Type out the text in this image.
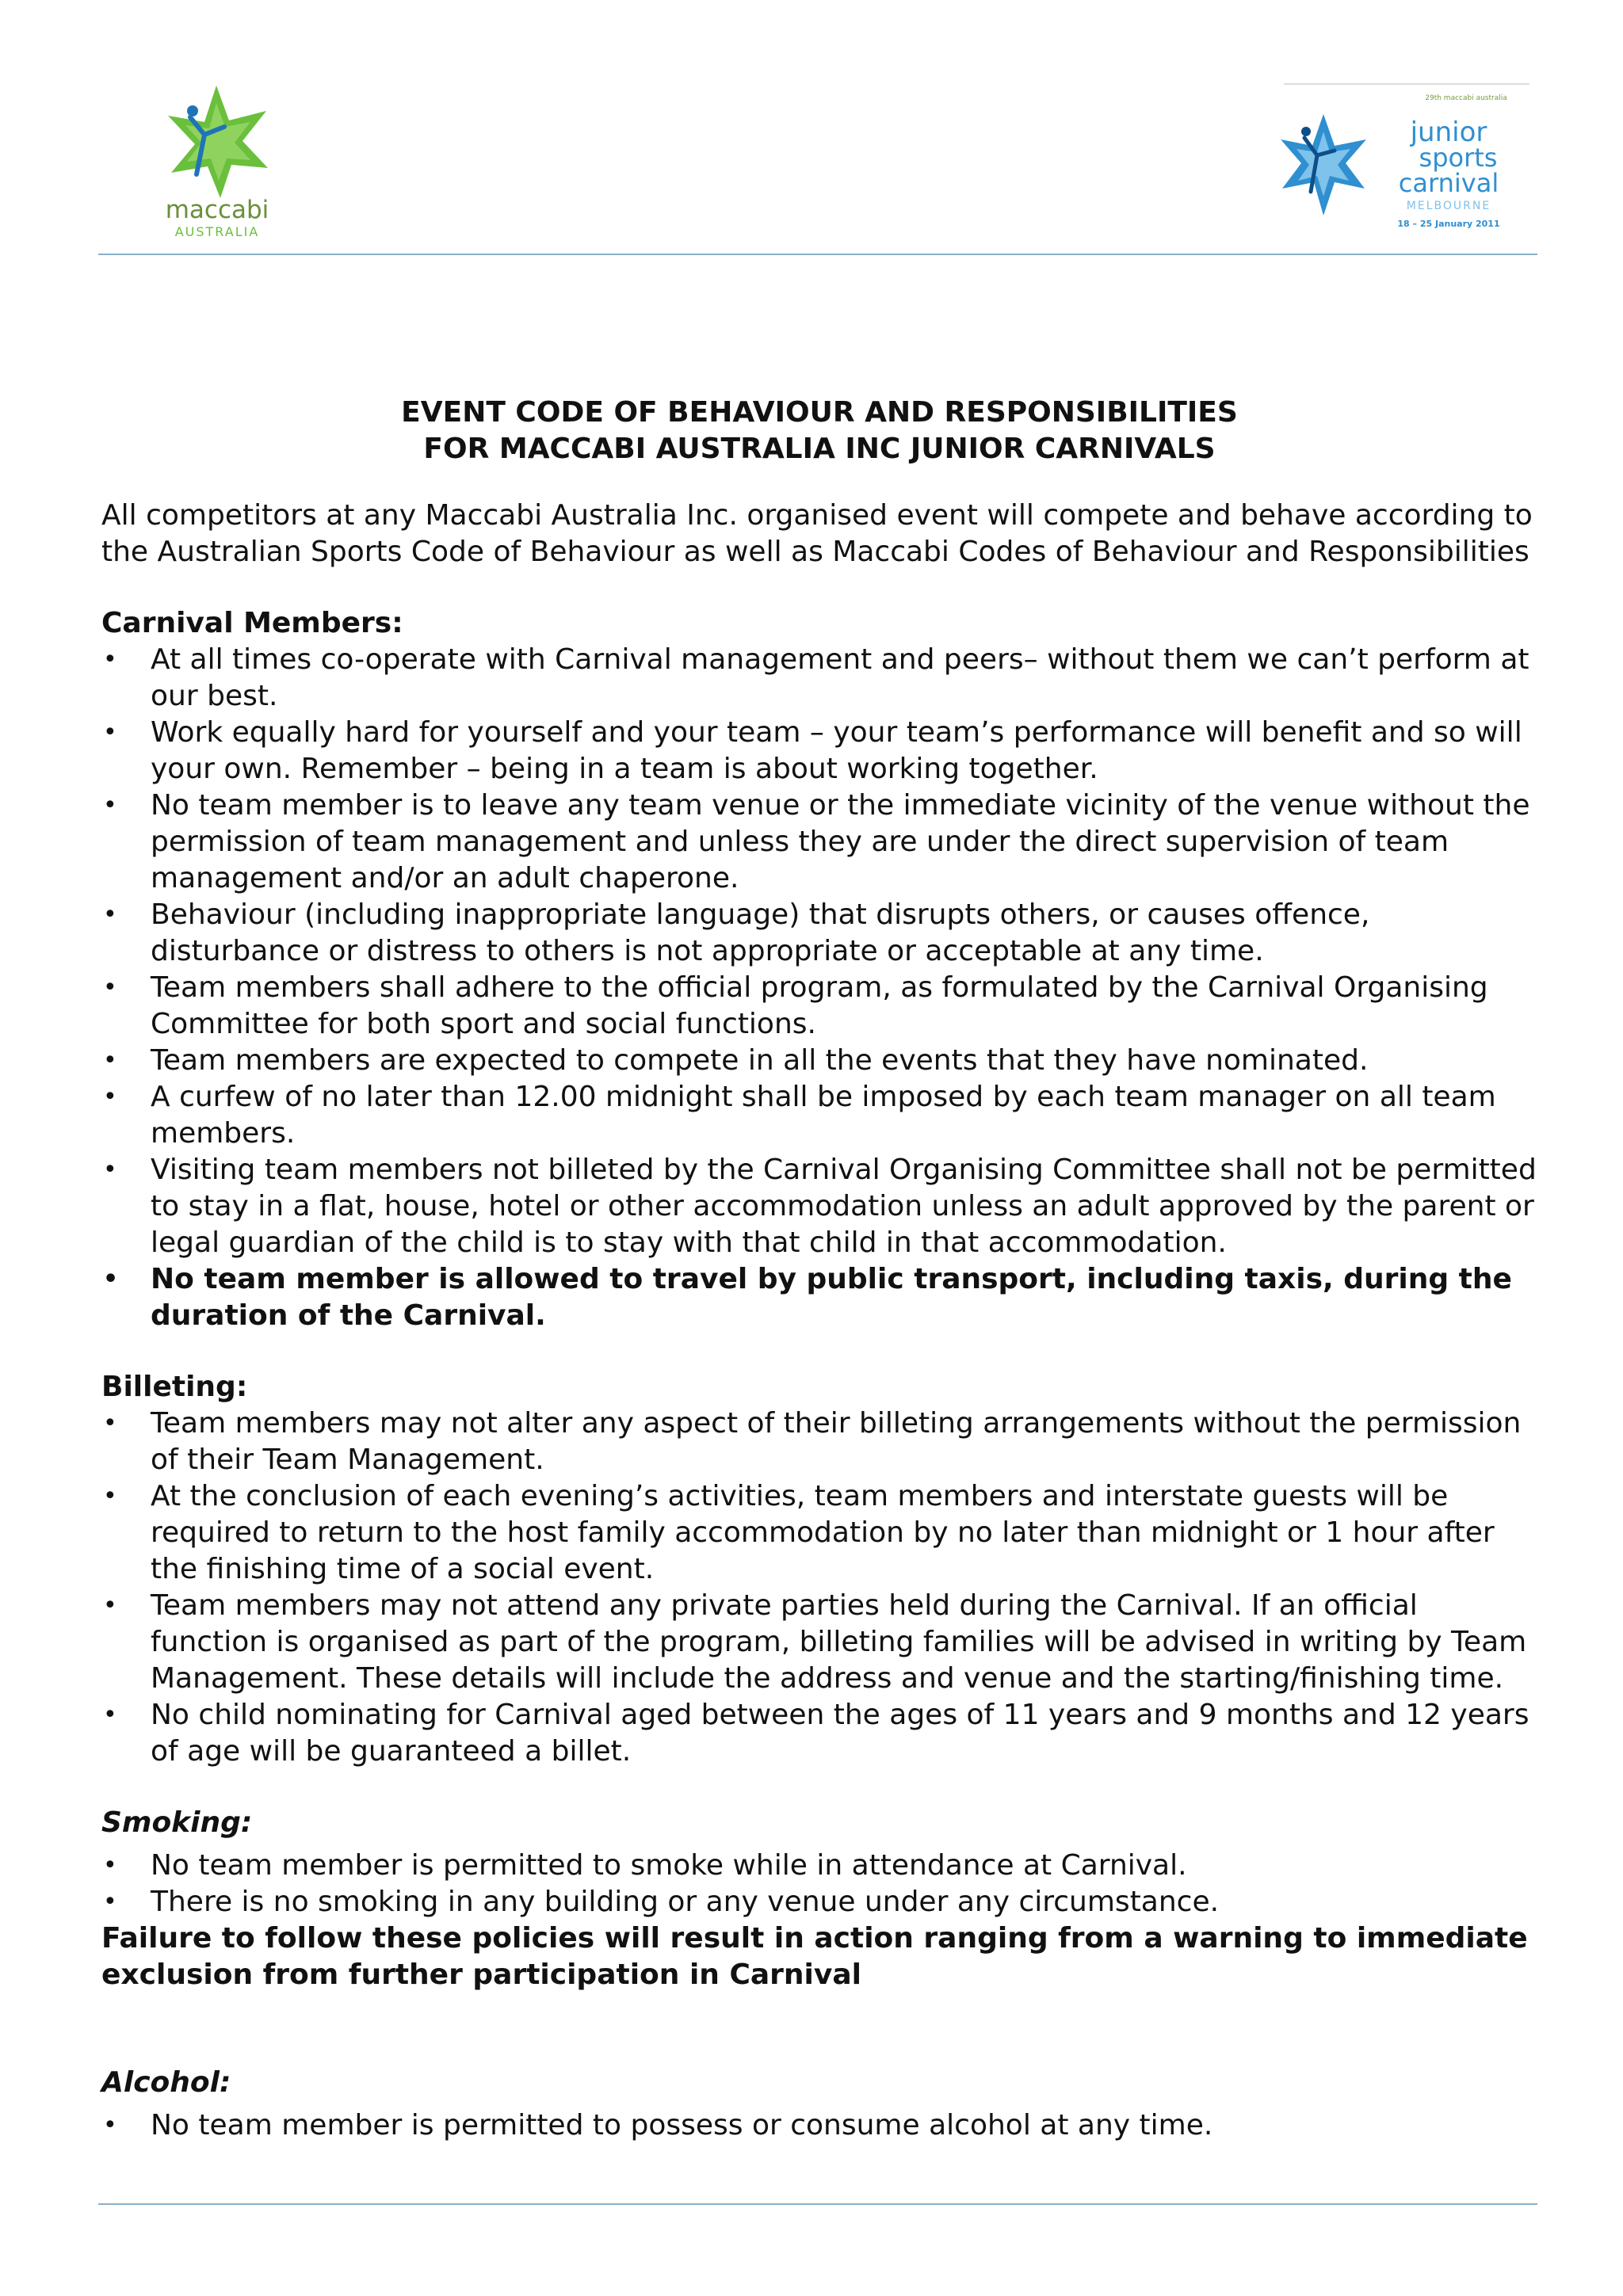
maccabi
AUSTRALIA
29th maccabi australia
junior
sports
carnival
MELBOURNE
18 – 25 January 2011

EVENT CODE OF BEHAVIOUR AND RESPONSIBILITIES
FOR MACCABI AUSTRALIA INC JUNIOR CARNIVALS

All competitors at any Maccabi Australia Inc. organised event will compete and behave according to the Australian Sports Code of Behaviour as well as Maccabi Codes of Behaviour and Responsibilities

Carnival Members:

• At all times co-operate with Carnival management and peers– without them we can’t perform at our best.
• Work equally hard for yourself and your team – your team’s performance will benefit and so will your own. Remember – being in a team is about working together.
• No team member is to leave any team venue or the immediate vicinity of the venue without the permission of team management and unless they are under the direct supervision of team management and/or an adult chaperone.
• Behaviour (including inappropriate language) that disrupts others, or causes offence, disturbance or distress to others is not appropriate or acceptable at any time.
• Team members shall adhere to the official program, as formulated by the Carnival Organising Committee for both sport and social functions.
• Team members are expected to compete in all the events that they have nominated.
• A curfew of no later than 12.00 midnight shall be imposed by each team manager on all team members.
• Visiting team members not billeted by the Carnival Organising Committee shall not be permitted to stay in a flat, house, hotel or other accommodation unless an adult approved by the parent or legal guardian of the child is to stay with that child in that accommodation.
• No team member is allowed to travel by public transport, including taxis, during the duration of the Carnival.

Billeting:

• Team members may not alter any aspect of their billeting arrangements without the permission of their Team Management.
• At the conclusion of each evening’s activities, team members and interstate guests will be required to return to the host family accommodation by no later than midnight or 1 hour after the finishing time of a social event.
• Team members may not attend any private parties held during the Carnival. If an official function is organised as part of the program, billeting families will be advised in writing by Team Management. These details will include the address and venue and the starting/finishing time.
• No child nominating for Carnival aged between the ages of 11 years and 9 months and 12 years of age will be guaranteed a billet.

Smoking:

• No team member is permitted to smoke while in attendance at Carnival.
• There is no smoking in any building or any venue under any circumstance.

Failure to follow these policies will result in action ranging from a warning to immediate exclusion from further participation in Carnival

Alcohol:

• No team member is permitted to possess or consume alcohol at any time.
